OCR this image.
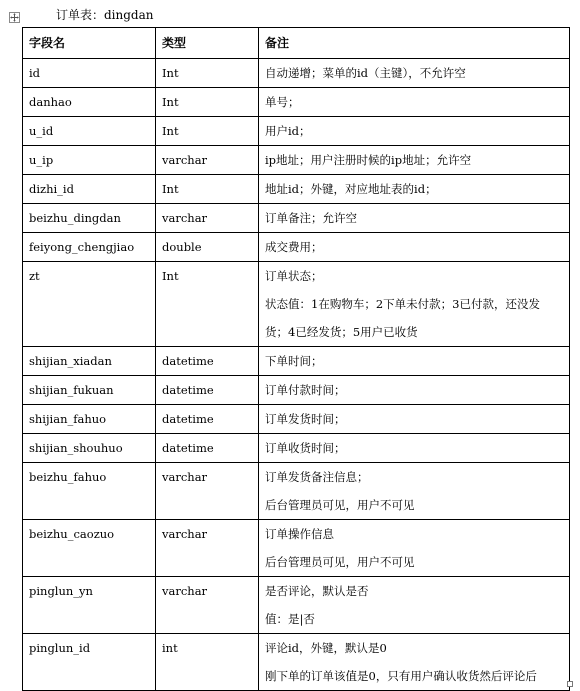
订单表：dingdan
字段名	类型	备注

id	Int	自动递增；菜单的id（主键），不允许空

danhao	Int	单号；

u_id	Int	用户id；

u_ip	varchar	ip地址；用户注册时候的ip地址；允许空

dizhi_id	Int	地址id；外键，对应地址表的id；

beizhu_dingdan	varchar	订单备注；允许空

feiyong_chengjiao	double	成交费用；

zt	Int	订单状态；
状态值：1在购物车；2下单未付款；3已付款，还没发
货；4已经发货；5用户已收货

shijian_xiadan	datetime	下单时间；

shijian_fukuan	datetime	订单付款时间；

shijian_fahuo	datetime	订单发货时间；

shijian_shouhuo	datetime	订单收货时间；

beizhu_fahuo	varchar	订单发货备注信息；
后台管理员可见，用户不可见

beizhu_caozuo	varchar	订单操作信息
后台管理员可见，用户不可见

pinglun_yn	varchar	是否评论，默认是否
值：是|否

pinglun_id	int	评论id，外键，默认是0
刚下单的订单该值是0，只有用户确认收货然后评论后
